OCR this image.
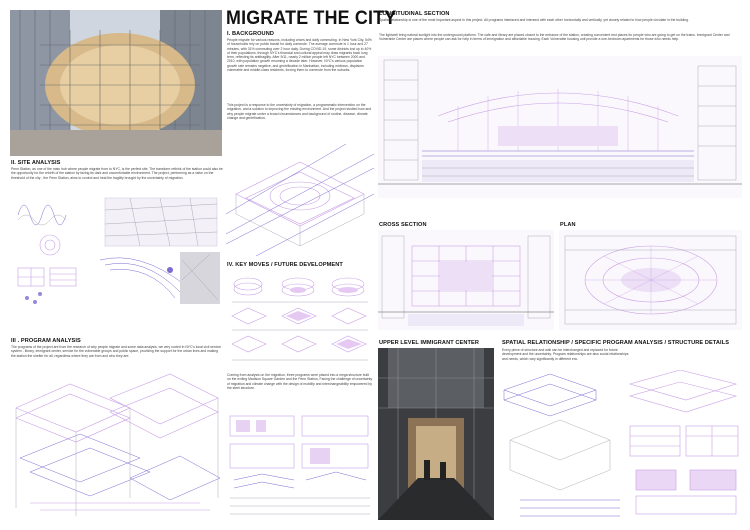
MIGRATE THE CITY
I. BACKGROUND
People migrate for various reasons, including crises and daily commuting. In New York City, 54% of households rely on public transit for daily commute. The average commute is 1 hour and 27 minutes, with 31% commuting over 2 hour daily. During COVID-19, some districts lost up to 40% of their populations, through NYC's financial and cultural appeal may draw migrants back long term, reflecting its antifragility. After 9/11, nearly 2 million people left NYC between 2000 and 2010, with population growth resuming a decade later. However, NYC's various population growth rate remains negative, and gentrification in Manhattan, including midtown, displaces vulnerable and middle-class residents, forcing them to commute from the suburbs.
This project is a response to the uncertainty of migration, a programmatic intervention on the migration, and a solution to improving the existing environment. And the project studied how and why people migrate under a broad circumstances and background of routine, disease, climate change and gentrification.
II. SITE ANALYSIS
Penn Station, as one of the main hub where people migrate from to NYC, is the perfect site. The transform rethink of the station could also be the opportunity for the rebirth of the station by facing its dark and uncomfortable environment. The project, performing as a valve on the threshold of the city - the Penn Station, aims to control and heal the fragility brought by the uncertainty of migration.
III . PROGRAM ANALYSIS
The programs of the project are from the research of why people migrate and some data analysis, we very rooted in NYC's local civil service system - library, immigrant center, service for the vulnerable groups and public space, providing the support for the urban lives and making the station the shelter for all, regardless where they are from and who they are.
IV. KEY MOVES / FUTURE DEVELOPMENT
Coming from analysis on the migration, three programs were placed into a mega structure built on the exiting Madison Square Garden and the Penn Station, Facing the challenge of uncertainty of migration and climate change with the design of mobility and interchangeability empowered by the steel structure.
LONGITUDINAL SECTION
Spatial relationship is one of the most important aspect in this project. All programs interlaced and intersect with each other horizontally and vertically, yet closely related to how people circulate in the building.
The lightwell bring natural sunlight into the underground platform. The cafe and library are placed closed to the entrance of the station, creating convenient rest places for people who are going to get on the trains. Immigrant Center and Vulnerable Center are places where people can ask for help in terms of immigration and affordable housing. Each Vulnerable housing unit provide a one-bedroom apartments for those who needs help.
CROSS SECTION	PLAN
UPPER LEVEL IMMIGRANT CENTER	SPATIAL RELATIONSHIP / SPECIFIC PROGRAM ANALYSIS / STRUCTURE DETAILS
Every piece of structure and wall can be interchanged and replaced for future development and the uncertainty. Program relationships are also social relationships and needs, which vary significantly in different era.
